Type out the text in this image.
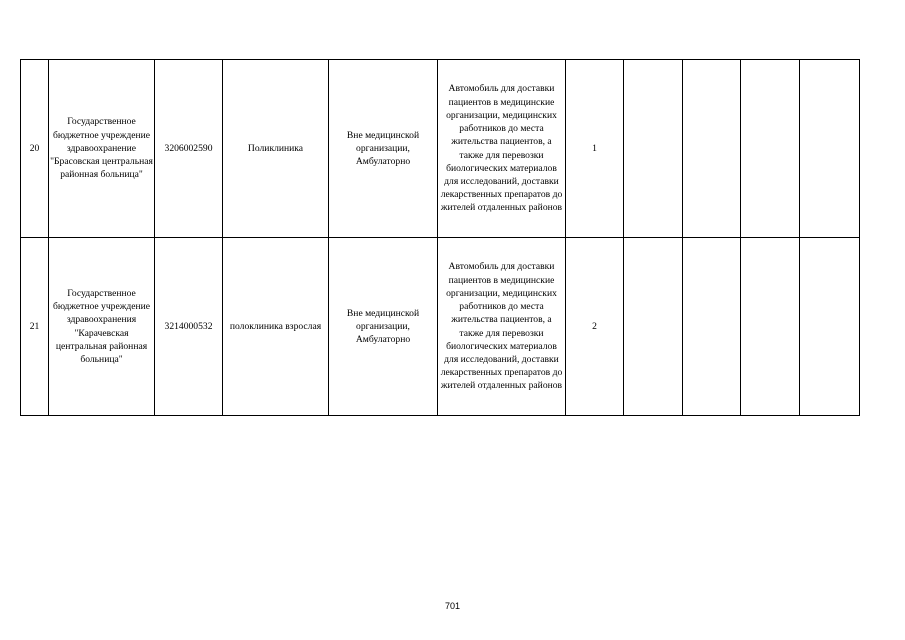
20	Государственное бюджетное учреждение здравоохранение "Брасовская центральная районная больница"	3206002590	Поликлиника	Вне медицинской организации, Амбулаторно	Автомобиль для доставки пациентов в медицинские организации, медицинских работников до места жительства пациентов, а также для перевозки биологических материалов для исследований, доставки лекарственных препаратов до жителей отдаленных районов	1				

21	Государственное бюджетное учреждение здравоохранения "Карачевская центральная районная больница"	3214000532	полоклиника взрослая	Вне медицинской организации, Амбулаторно	Автомобиль для доставки пациентов в медицинские организации, медицинских работников до места жительства пациентов, а также для перевозки биологических материалов для исследований, доставки лекарственных препаратов до жителей отдаленных районов	2				

701
